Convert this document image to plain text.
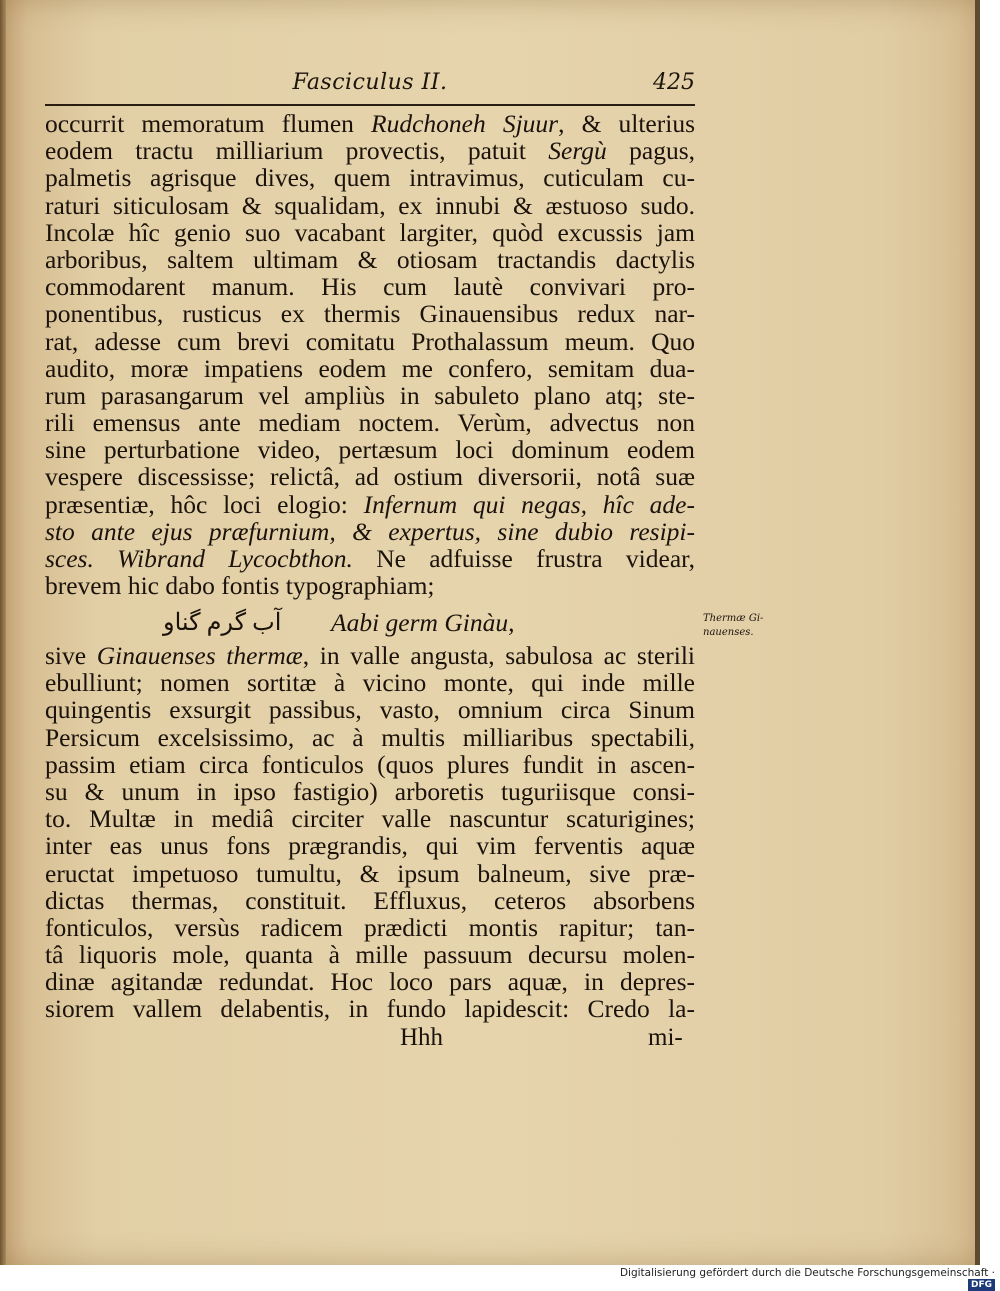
Fasciculus II.	425
occurrit memoratum flumen Rudchoneh Sjuur, & ulterius
eodem tractu milliarium provectis, patuit Sergù pagus,
palmetis agrisque dives, quem intravimus, cuticulam cu-
raturi siticulosam & squalidam, ex innubi & æstuoso sudo.
Incolæ hîc genio suo vacabant largiter, quòd excussis jam
arboribus, saltem ultimam & otiosam tractandis dactylis
commodarent manum. His cum lautè convivari pro-
ponentibus, rusticus ex thermis Ginauensibus redux nar-
rat, adesse cum brevi comitatu Prothalassum meum. Quo
audito, moræ impatiens eodem me confero, semitam dua-
rum parasangarum vel ampliùs in sabuleto plano atq; ste-
rili emensus ante mediam noctem. Verùm, advectus non
sine perturbatione video, pertæsum loci dominum eodem
vespere discessisse; relictâ, ad ostium diversorii, notâ suæ
præsentiæ, hôc loci elogio: Infernum qui negas, hîc ade-
sto ante ejus præfurnium, & expertus, sine dubio resipi-
sces. Wibrand Lycocbthon. Ne adfuisse frustra videar,
brevem hic dabo fontis typographiam;
آب گرم گناو Aabi germ Ginàu,	Thermæ Gi-
nauenses.
sive Ginauenses thermæ, in valle angusta, sabulosa ac sterili
ebulliunt; nomen sortitæ à vicino monte, qui inde mille
quingentis exsurgit passibus, vasto, omnium circa Sinum
Persicum excelsissimo, ac à multis milliaribus spectabili,
passim etiam circa fonticulos (quos plures fundit in ascen-
su & unum in ipso fastigio) arboretis tuguriisque consi-
to. Multæ in mediâ circiter valle nascuntur scaturigines;
inter eas unus fons prægrandis, qui vim ferventis aquæ
eructat impetuoso tumultu, & ipsum balneum, sive præ-
dictas thermas, constituit. Effluxus, ceteros absorbens
fonticulos, versùs radicem prædicti montis rapitur; tan-
tâ liquoris mole, quanta à mille passuum decursu molen-
dinæ agitandæ redundat. Hoc loco pars aquæ, in depres-
siorem vallem delabentis, in fundo lapidescit: Credo la-
Hhh	mi-
Digitalisierung gefördert durch die Deutsche Forschungsgemeinschaft · DFG
